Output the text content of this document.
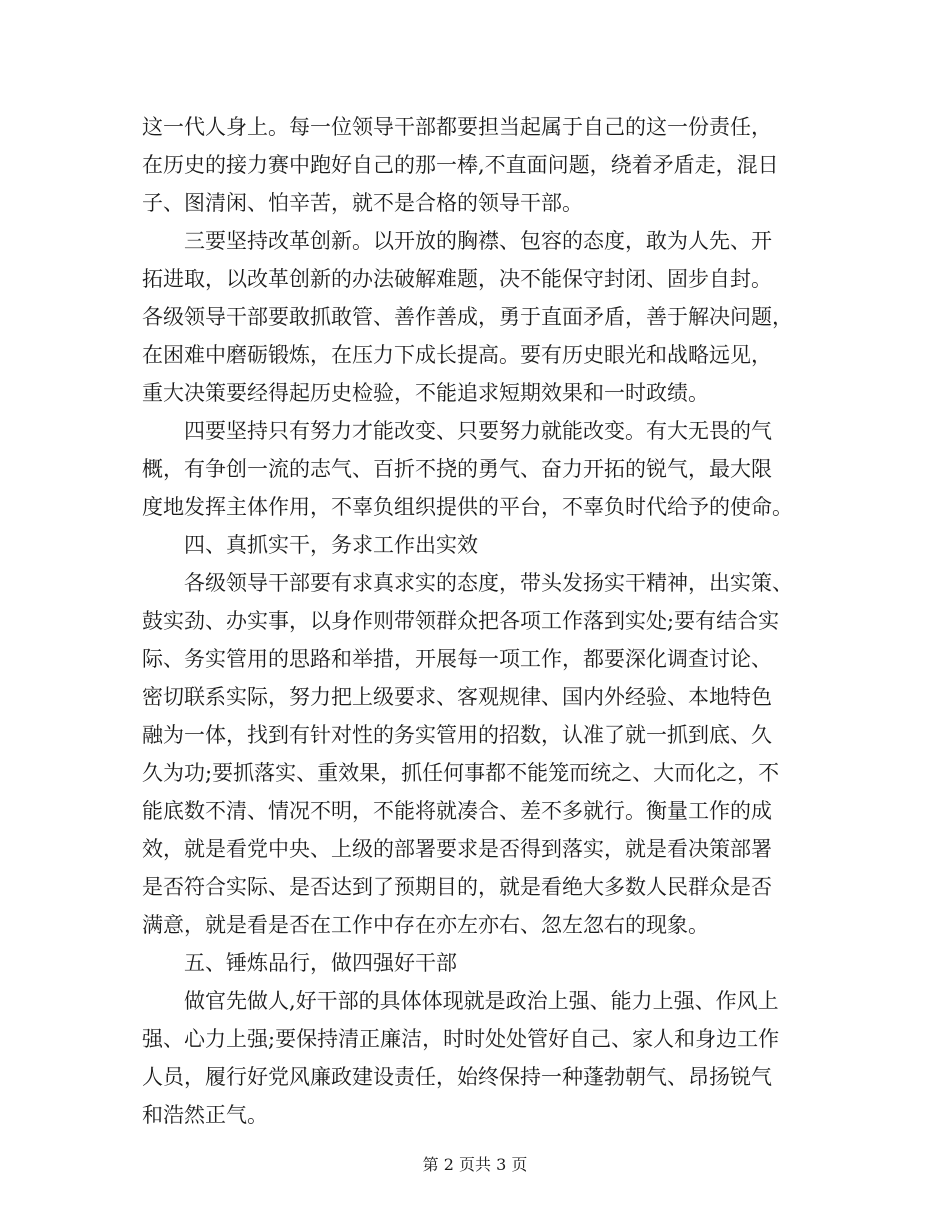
这一代人身上。每一位领导干部都要担当起属于自己的这一份责任，
在历史的接力赛中跑好自己的那一棒,不直面问题，绕着矛盾走，混日
子、图清闲、怕辛苦，就不是合格的领导干部。
三要坚持改革创新。以开放的胸襟、包容的态度，敢为人先、开
拓进取，以改革创新的办法破解难题，决不能保守封闭、固步自封。
各级领导干部要敢抓敢管、善作善成，勇于直面矛盾，善于解决问题，
在困难中磨砺锻炼，在压力下成长提高。要有历史眼光和战略远见，
重大决策要经得起历史检验，不能追求短期效果和一时政绩。
四要坚持只有努力才能改变、只要努力就能改变。有大无畏的气
概，有争创一流的志气、百折不挠的勇气、奋力开拓的锐气，最大限
度地发挥主体作用，不辜负组织提供的平台，不辜负时代给予的使命。
四、真抓实干，务求工作出实效
各级领导干部要有求真求实的态度，带头发扬实干精神，出实策、
鼓实劲、办实事，以身作则带领群众把各项工作落到实处;要有结合实
际、务实管用的思路和举措，开展每一项工作，都要深化调查讨论、
密切联系实际，努力把上级要求、客观规律、国内外经验、本地特色
融为一体，找到有针对性的务实管用的招数，认准了就一抓到底、久
久为功;要抓落实、重效果，抓任何事都不能笼而统之、大而化之，不
能底数不清、情况不明，不能将就凑合、差不多就行。衡量工作的成
效，就是看党中央、上级的部署要求是否得到落实，就是看决策部署
是否符合实际、是否达到了预期目的，就是看绝大多数人民群众是否
满意，就是看是否在工作中存在亦左亦右、忽左忽右的现象。
五、锤炼品行，做四强好干部
做官先做人,好干部的具体体现就是政治上强、能力上强、作风上
强、心力上强;要保持清正廉洁，时时处处管好自己、家人和身边工作
人员，履行好党风廉政建设责任，始终保持一种蓬勃朝气、昂扬锐气
和浩然正气。
第 2 页共 3 页
